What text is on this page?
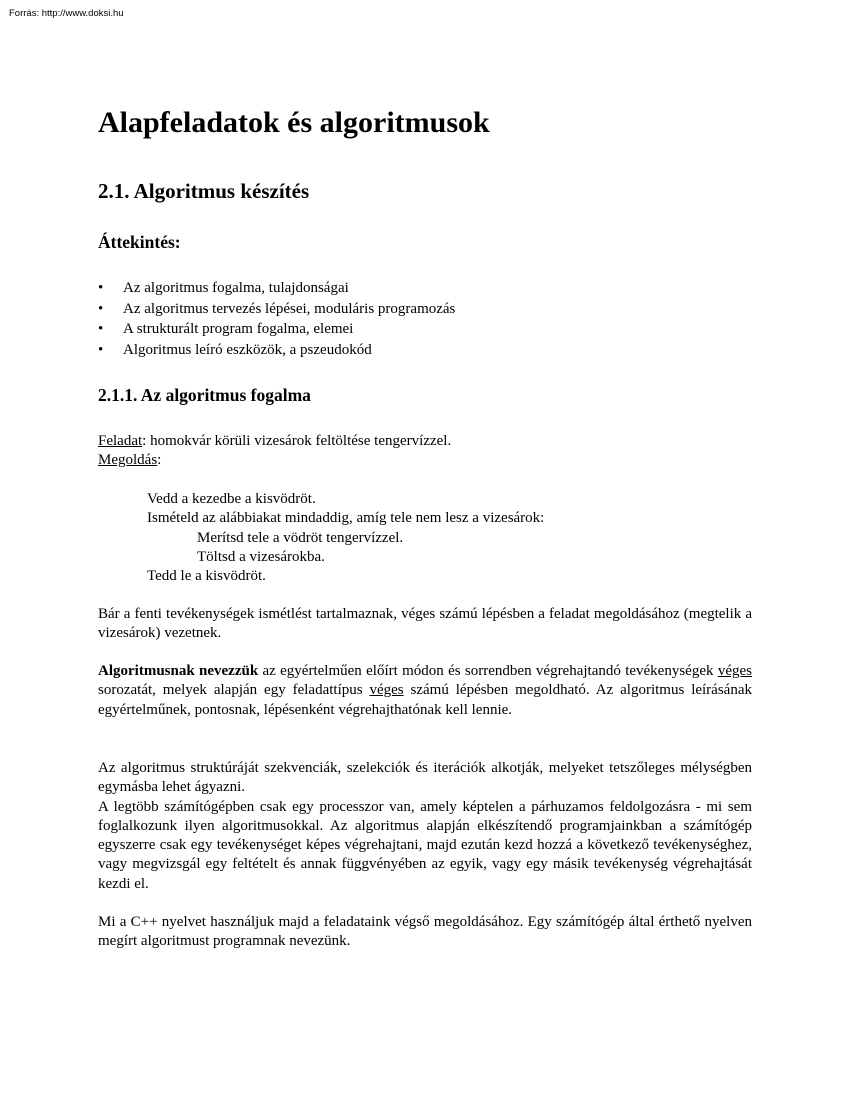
Forrás: http://www.doksi.hu
Alapfeladatok és algoritmusok
2.1. Algoritmus készítés
Áttekintés:
• Az algoritmus fogalma, tulajdonságai
• Az algoritmus tervezés lépései, moduláris programozás
• A strukturált program fogalma, elemei
• Algoritmus leíró eszközök, a pszeudokód
2.1.1. Az algoritmus fogalma
Feladat: homokvár körüli vizesárok feltöltése tengervízzel.
Megoldás:
Vedd a kezedbe a kisvödröt.
Ismételd az alábbiakat mindaddig, amíg tele nem lesz a vizesárok:
Merítsd tele a vödröt tengervízzel.
Töltsd a vizesárokba.
Tedd le a kisvödröt.

Bár a fenti tevékenységek ismétlést tartalmaznak, véges számú lépésben a feladat megoldásához (megtelik a vizesárok) vezetnek.

Algoritmusnak nevezzük az egyértelműen előírt módon és sorrendben végrehajtandó tevékenységek véges sorozatát, melyek alapján egy feladattípus véges számú lépésben megoldható. Az algoritmus leírásának egyértelműnek, pontosnak, lépésenként végrehajthatónak kell lennie.

Az algoritmus struktúráját szekvenciák, szelekciók és iterációk alkotják, melyeket tetszőleges mélységben egymásba lehet ágyazni.
A legtöbb számítógépben csak egy processzor van, amely képtelen a párhuzamos feldolgozásra - mi sem foglalkozunk ilyen algoritmusokkal. Az algoritmus alapján elkészítendő programjainkban a számítógép egyszerre csak egy tevékenységet képes végrehajtani, majd ezután kezd hozzá a következő tevékenységhez, vagy megvizsgál egy feltételt és annak függvényében az egyik, vagy egy másik tevékenység végrehajtását kezdi el.

Mi a C++ nyelvet használjuk majd a feladataink végső megoldásához. Egy számítógép által érthető nyelven megírt algoritmust programnak nevezünk.
